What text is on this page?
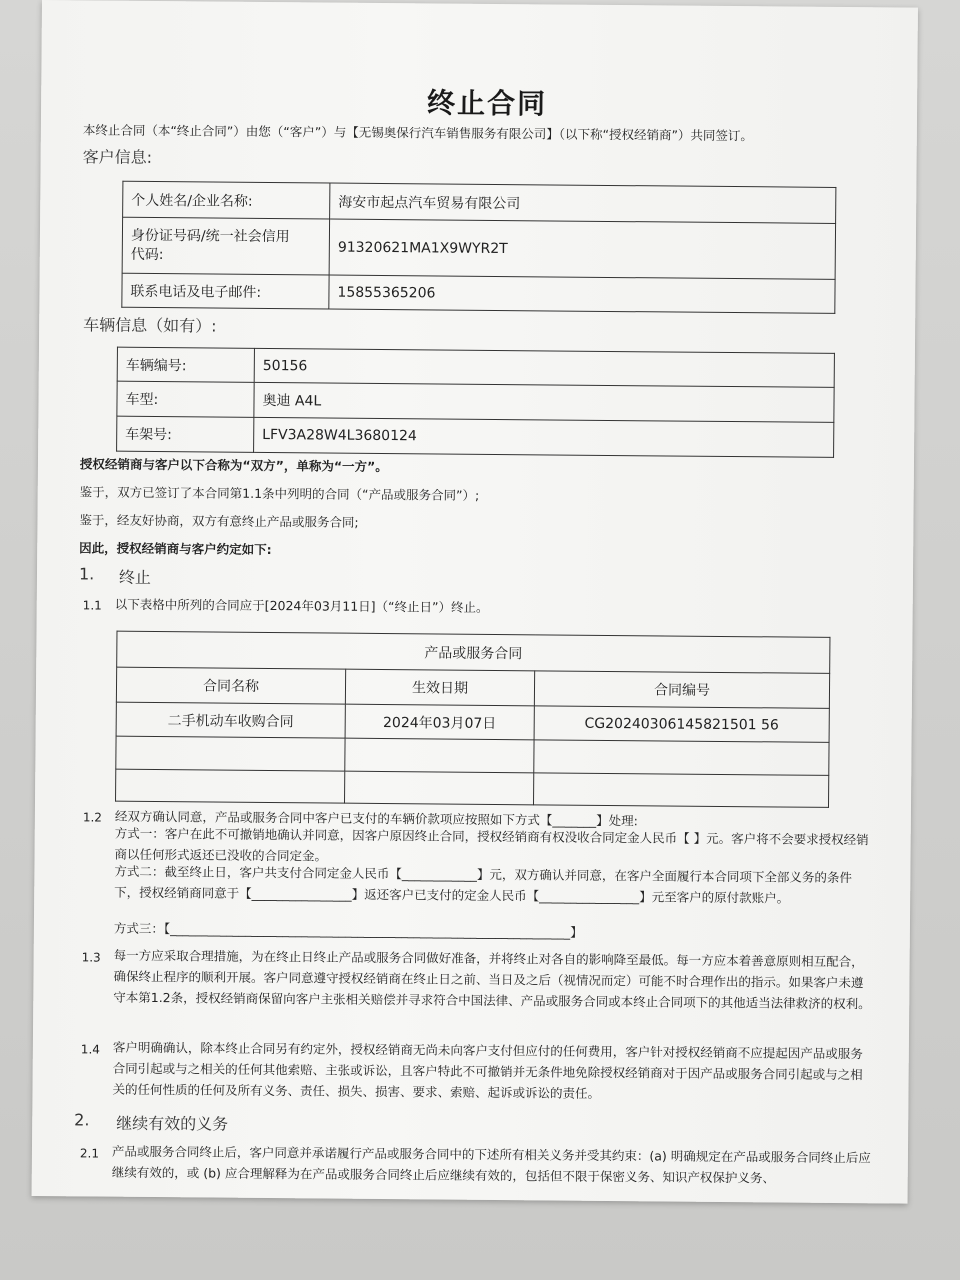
终止合同
本终止合同（本“终止合同”）由您（“客户”）与【无锡奥保行汽车销售服务有限公司】（以下称“授权经销商”）共同签订。
客户信息:
个人姓名/企业名称:	海安市起点汽车贸易有限公司

身份证号码/统一社会信用
代码:	91320621MA1X9WYR2T
联系电话及电子邮件:	15855365206
车辆信息（如有）:
车辆编号:	50156
车型:	奥迪 A4L
车架号:	LFV3A28W4L3680124
授权经销商与客户以下合称为“双方”，单称为“一方”。
鉴于，双方已签订了本合同第1.1条中列明的合同（“产品或服务合同”）;
鉴于，经友好协商，双方有意终止产品或服务合同;
因此，授权经销商与客户约定如下:
1. 终止
1.1 以下表格中所列的合同应于[2024年03月11日]（“终止日”）终止。
产品或服务合同		
合同名称	生效日期	合同编号
二手机动车收购合同	2024年03月07日	CG20240306145821501 56

1.2 经双方确认同意，产品或服务合同中客户已支付的车辆价款项应按照如下方式【_______】处理:
方式一：客户在此不可撤销地确认并同意，因客户原因终止合同，授权经销商有权没收合同定金人民币【 】元。客户将不会要求授权经销商以任何形式返还已没收的合同定金。
方式二：截至终止日，客户共支付合同定金人民币【____________】元，双方确认并同意，在客户全面履行本合同项下全部义务的条件下，授权经销商同意于【________________】返还客户已支付的定金人民币【________________】元至客户的原付款账户。
方式三：【________________________________________________________________】
1.3 每一方应采取合理措施，为在终止日终止产品或服务合同做好准备，并将终止对各自的影响降至最低。每一方应本着善意原则相互配合，确保终止程序的顺利开展。客户同意遵守授权经销商在终止日之前、当日及之后（视情况而定）可能不时合理作出的指示。如果客户未遵守本第1.2条，授权经销商保留向客户主张相关赔偿并寻求符合中国法律、产品或服务合同或本终止合同项下的其他适当法律救济的权利。
1.4 客户明确确认，除本终止合同另有约定外，授权经销商无尚未向客户支付但应付的任何费用，客户针对授权经销商不应提起因产品或服务合同引起或与之相关的任何其他索赔、主张或诉讼，且客户特此不可撤销并无条件地免除授权经销商对于因产品或服务合同引起或与之相关的任何性质的任何及所有义务、责任、损失、损害、要求、索赔、起诉或诉讼的责任。
2. 继续有效的义务
2.1 产品或服务合同终止后，客户同意并承诺履行产品或服务合同中的下述所有相关义务并受其约束：(a) 明确规定在产品或服务合同终止后应继续有效的，或 (b) 应合理解释为在产品或服务合同终止后应继续有效的，包括但不限于保密义务、知识产权保护义务、
